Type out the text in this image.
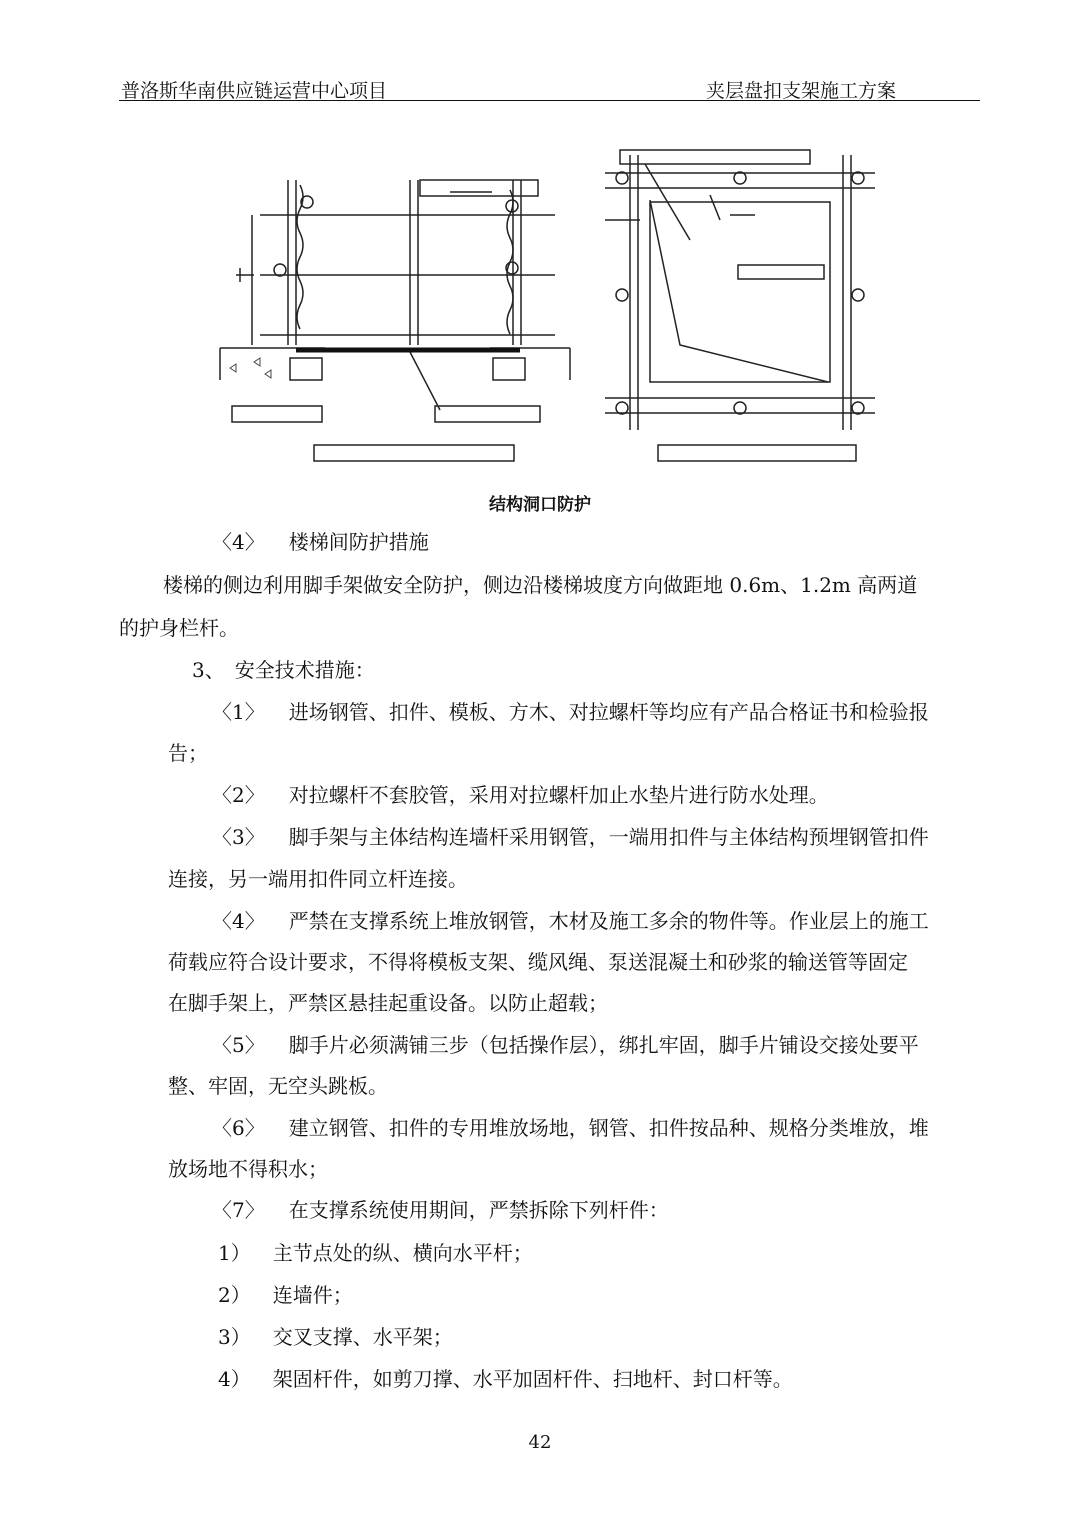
普洛斯华南供应链运营中心项目	夹层盘扣支架施工方案
结构洞口防护
〈4〉 楼梯间防护措施
楼梯的侧边利用脚手架做安全防护，侧边沿楼梯坡度方向做距地 0.6m、1.2m 高两道
的护身栏杆。
3、 安全技术措施：
〈1〉 进场钢管、扣件、模板、方木、对拉螺杆等均应有产品合格证书和检验报
告；
〈2〉 对拉螺杆不套胶管，采用对拉螺杆加止水垫片进行防水处理。
〈3〉 脚手架与主体结构连墙杆采用钢管，一端用扣件与主体结构预埋钢管扣件
连接，另一端用扣件同立杆连接。
〈4〉 严禁在支撑系统上堆放钢管，木材及施工多余的物件等。作业层上的施工
荷载应符合设计要求，不得将模板支架、缆风绳、泵送混凝土和砂浆的输送管等固定
在脚手架上，严禁区悬挂起重设备。以防止超载；
〈5〉 脚手片必须满铺三步（包括操作层），绑扎牢固，脚手片铺设交接处要平
整、牢固，无空头跳板。
〈6〉 建立钢管、扣件的专用堆放场地，钢管、扣件按品种、规格分类堆放，堆
放场地不得积水；
〈7〉 在支撑系统使用期间，严禁拆除下列杆件：
1） 主节点处的纵、横向水平杆；
2） 连墙件；
3） 交叉支撑、水平架；
4） 架固杆件，如剪刀撑、水平加固杆件、扫地杆、封口杆等。
42
